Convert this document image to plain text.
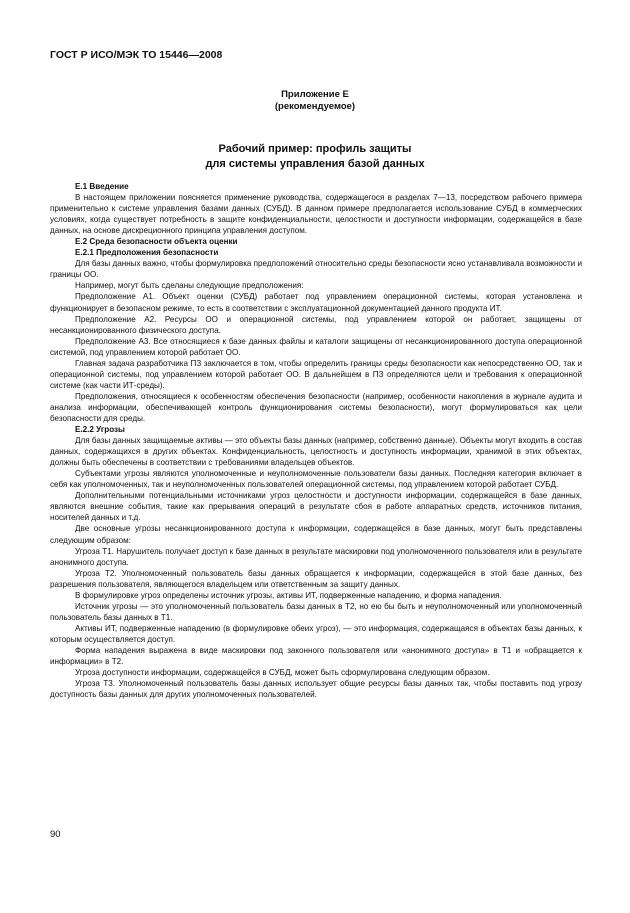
ГОСТ Р ИСО/МЭК ТО 15446—2008
Приложение Е
(рекомендуемое)
Рабочий пример: профиль защиты
для системы управления базой данных

Е.1 Введение

В настоящем приложении поясняется применение руководства, содержащегося в разделах 7—13, посредством рабочего примера применительно к системе управления базами данных (СУБД). В данном примере предполагается использование СУБД в коммерческих условиях, когда существует потребность в защите конфиденциальности, целостности и доступности информации, содержащейся в базе данных, на основе дискреционного принципа управления доступом.

Е.2 Среда безопасности объекта оценки

Е.2.1 Предположения безопасности

Для базы данных важно, чтобы формулировка предположений относительно среды безопасности ясно устанавливала возможности и границы ОО.

Например, могут быть сделаны следующие предположения:

Предположение А1. Объект оценки (СУБД) работает под управлением операционной системы, которая установлена и функционирует в безопасном режиме, то есть в соответствии с эксплуатационной документацией данного продукта ИТ.

Предположение А2. Ресурсы ОО и операционной системы, под управлением которой он работает, защищены от несанкционированного физического доступа.

Предположение А3. Все относящиеся к базе данных файлы и каталоги защищены от несанкционированного доступа операционной системой, под управлением которой работает ОО.

Главная задача разработчика ПЗ заключается в том, чтобы определить границы среды безопасности как непосредственно ОО, так и операционной системы, под управлением которой работает ОО. В дальнейшем в ПЗ определяются цели и требования к операционной системе (как части ИТ-среды).

Предположения, относящиеся к особенностям обеспечения безопасности (например, особенности накопления в журнале аудита и анализа информации, обеспечивающей контроль функционирования системы безопасности), могут формулироваться как цели безопасности для среды.

Е.2.2 Угрозы

Для базы данных защищаемые активы — это объекты базы данных (например, собственно данные). Объекты могут входить в состав данных, содержащихся в других объектах. Конфиденциальность, целостность и доступность информации, хранимой в этих объектах, должны быть обеспечены в соответствии с требованиями владельцев объектов.

Субъектами угрозы являются уполномоченные и неуполномоченные пользователи базы данных. Последняя категория включает в себя как уполномоченных, так и неуполномоченных пользователей операционной системы, под управлением которой работает СУБД.

Дополнительными потенциальными источниками угроз целостности и доступности информации, содержащейся в базе данных, являются внешние события, такие как прерывания операций в результате сбоя в работе аппаратных средств, источников питания, носителей данных и т.д.

Две основные угрозы несанкционированного доступа к информации, содержащейся в базе данных, могут быть представлены следующим образом:

Угроза Т1. Нарушитель получает доступ к базе данных в результате маскировки под уполномоченного пользователя или в результате анонимного доступа.

Угроза Т2. Уполномоченный пользователь базы данных обращается к информации, содержащейся в этой базе данных, без разрешения пользователя, являющегося владельцем или ответственным за защиту данных.

В формулировке угроз определены источник угрозы, активы ИТ, подверженные нападению, и форма нападения.

Источник угрозы — это уполномоченный пользователь базы данных в Т2, но ею бы быть и неуполномоченный или уполномоченный пользователь базы данных в Т1.

Активы ИТ, подверженные нападению (в формулировке обеих угроз), — это информация, содержащаяся в объектах базы данных, к которым осуществляется доступ.

Форма нападения выражена в виде маскировки под законного пользователя или «анонимного доступа» в Т1 и «обращается к информации» в Т2.

Угроза доступности информации, содержащейся в СУБД, может быть сформулирована следующим образом.

Угроза Т3. Уполномоченный пользователь базы данных использует общие ресурсы базы данных так, чтобы поставить под угрозу доступность базы данных для других уполномоченных пользователей.

90
